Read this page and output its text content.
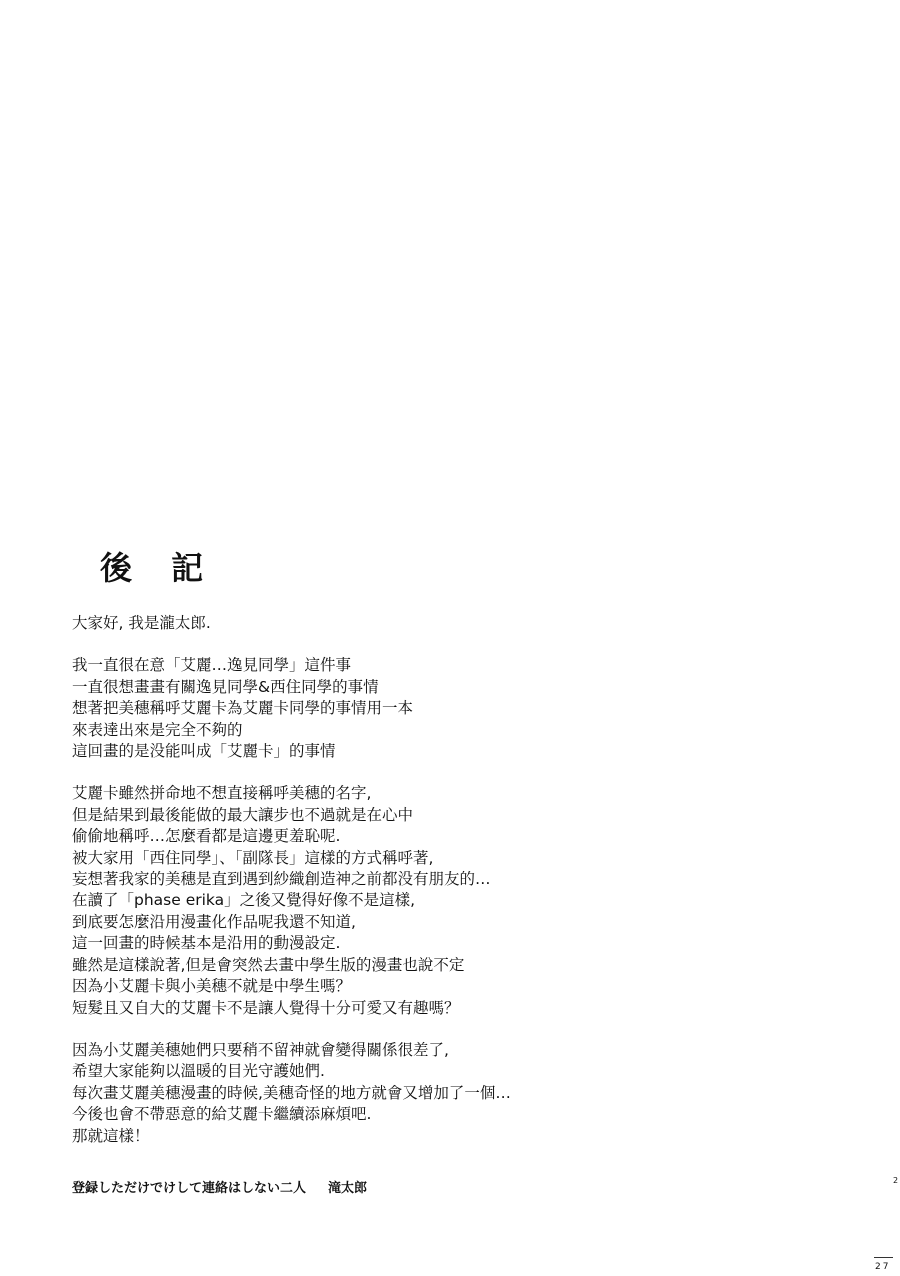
後 記
大家好, 我是瀧太郎.
我一直很在意「艾麗…逸見同學」這件事
一直很想畫畫有關逸見同學&西住同學的事情
想著把美穗稱呼艾麗卡為艾麗卡同學的事情用一本
來表達出來是完全不夠的
這回畫的是没能叫成「艾麗卡」的事情
艾麗卡雖然拼命地不想直接稱呼美穗的名字,
但是結果到最後能做的最大讓步也不過就是在心中
偷偷地稱呼…怎麼看都是這邊更羞恥呢.
被大家用「西住同學」、「副隊長」這樣的方式稱呼著,
妄想著我家的美穗是直到遇到紗織創造神之前都没有朋友的…
在讀了「phase erika」之後又覺得好像不是這樣,
到底要怎麼沿用漫畫化作品呢我還不知道,
這一回畫的時候基本是沿用的動漫設定.
雖然是這樣說著,但是會突然去畫中學生版的漫畫也說不定
因為小艾麗卡與小美穗不就是中學生嗎？
短髮且又自大的艾麗卡不是讓人覺得十分可愛又有趣嗎？
因為小艾麗美穗她們只要稍不留神就會變得關係很差了,
希望大家能夠以溫暖的目光守護她們.
每次畫艾麗美穗漫畫的時候,美穗奇怪的地方就會又增加了一個…
今後也會不帶惡意的給艾麗卡繼續添麻煩吧.
那就這樣！
登録しただけでけして連絡はしない二人 滝太郎
2
27
